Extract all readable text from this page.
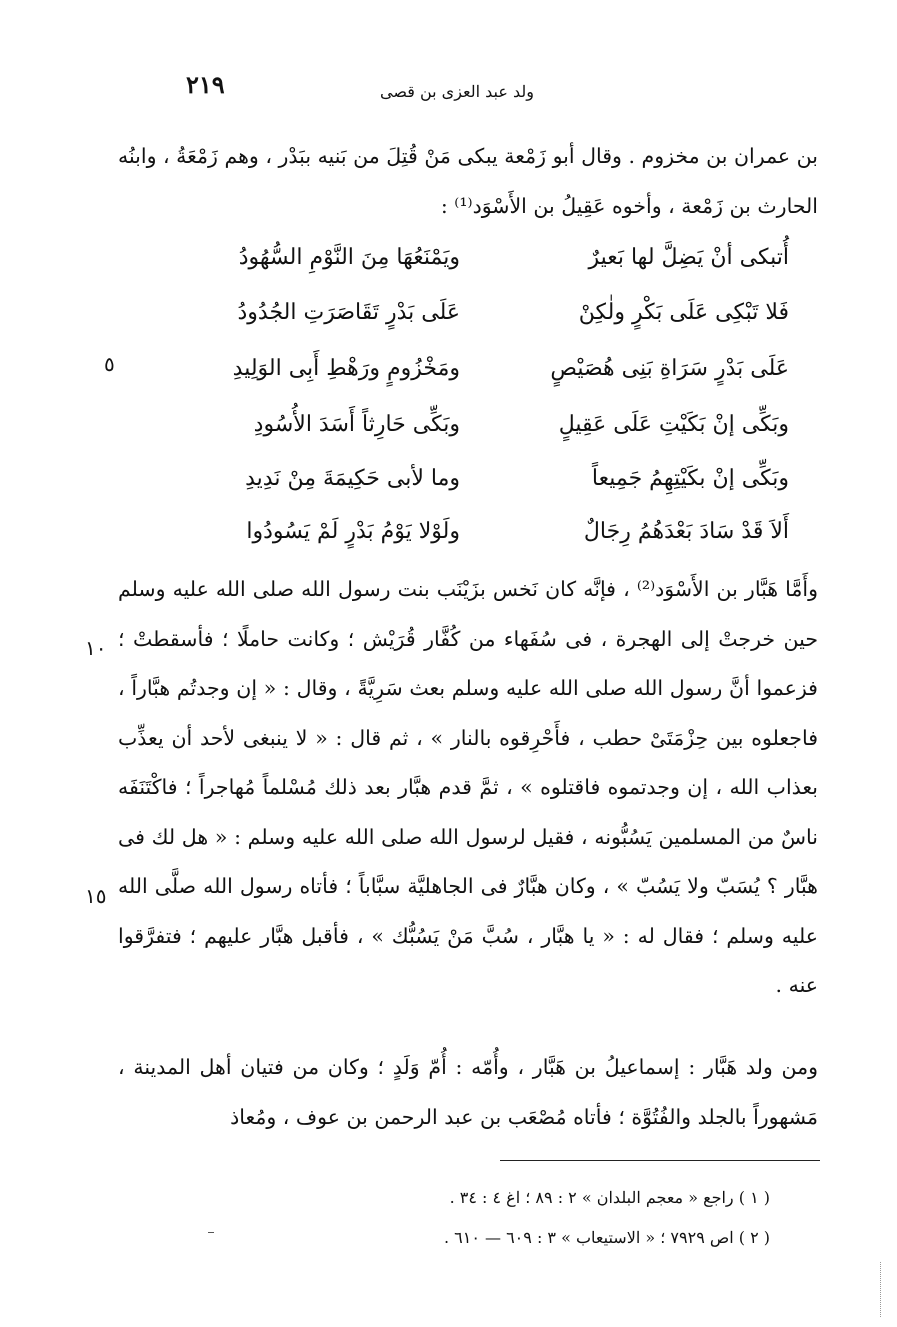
٢١٩	ولد عبد العزى بن قصى
بن عمران بن مخزوم . وقال أبو زَمْعة يبكى مَنْ قُتِلَ من بَنيه ببَدْر ، وهم زَمْعَةُ ، وابنُه الحارث بن زَمْعة ، وأخوه عَقِيلُ بن الأَسْوَد⁽¹⁾ :
أُتبكى أنْ يَضِلَّ لها بَعيرٌ
ويَمْنَعُهَا مِنَ النَّوْمِ السُّهُودُ
فَلا تَبْكِى عَلَى بَكْرٍ ولٰكِنْ
عَلَى بَدْرٍ تَقَاصَرَتِ الجُدُودُ
عَلَى بَدْرٍ سَرَاةِ بَنِى هُصَيْصٍ
ومَخْزُومٍ ورَهْطِ أَبِى الوَلِيدِ
وبَكِّى إنْ بَكَيْتِ عَلَى عَقِيلٍ
وبَكِّى حَارِثاً أَسَدَ الأُسُودِ
وبَكِّى إنْ بكَيْتِهِمُ جَمِيعاً
وما لأبى حَكِيمَةَ مِنْ نَدِيدِ
أَلاَ قَدْ سَادَ بَعْدَهُمُ رِجَالٌ
ولَوْلا يَوْمُ بَدْرٍ لَمْ يَسُودُوا
٥
١٠
١٥
وأَمَّا هَبَّار بن الأَسْوَد⁽²⁾ ، فإنَّه كان نَخس بزَيْنَب بنت رسول الله صلى الله عليه وسلم حين خرجتْ إلى الهجرة ، فى سُفَهاء من كُفَّار قُرَيْش ؛ وكانت حاملًا ؛ فأسقطتْ ؛ فزعموا أنَّ رسول الله صلى الله عليه وسلم بعث سَرِيَّةً ، وقال : « إن وجدتُم هبَّاراً ، فاجعلوه بين حِزْمَتَىْ حطب ، فأَحْرِقوه بالنار » ، ثم قال : « لا ينبغى لأحد أن يعذِّب بعذاب الله ، إن وجدتموه فاقتلوه » ، ثمَّ قدم هبَّار بعد ذلك مُسْلماً مُهاجراً ؛ فاكْتَنَفَه ناسٌ من المسلمين يَسُبُّونه ، فقيل لرسول الله صلى الله عليه وسلم : « هل لك فى هبَّار ؟ يُسَبّ ولا يَسُبّ » ، وكان هبَّارٌ فى الجاهليَّة سبَّاباً ؛ فأتاه رسول الله صلَّى الله عليه وسلم ؛ فقال له : « يا هبَّار ، سُبَّ مَنْ يَسُبُّك » ، فأقبل هبَّار عليهم ؛ فتفرَّقوا عنه .
ومن ولد هَبَّار : إسماعيلُ بن هَبَّار ، وأُمّه : أُمّ وَلَدٍ ؛ وكان من فتيان أهل المدينة ، مَشهوراً بالجلد والفُتُوَّة ؛ فأتاه مُصْعَب بن عبد الرحمن بن عوف ، ومُعاذ
( ١ ) راجع « معجم البلدان » ٢ : ٨٩ ؛ اغ ٤ : ٣٤ .
( ٢ ) اص ٧٩٢٩ ؛ « الاستيعاب » ٣ : ٦٠٩ — ٦١٠ .
